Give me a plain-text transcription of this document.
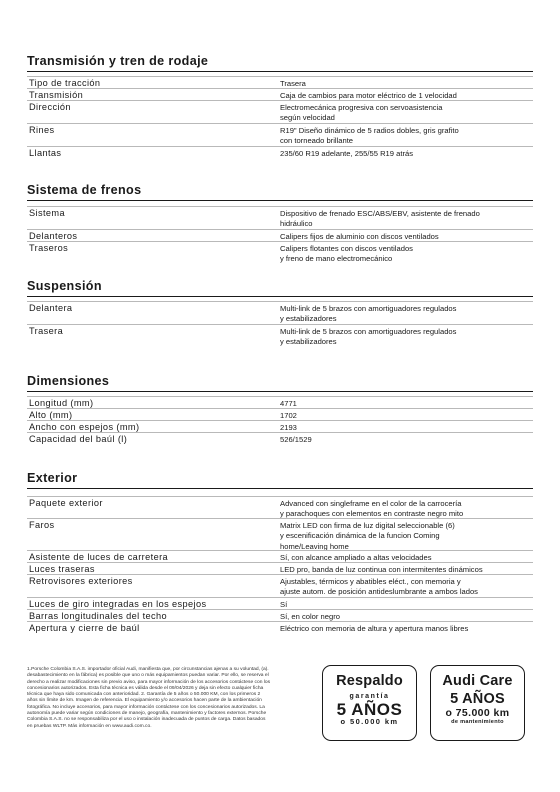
Transmisión y tren de rodaje
Tipo de tracción	Trasera
Transmisión	Caja de cambios para motor eléctrico de 1 velocidad
Dirección	Electromecánica progresiva con servoasistencia
según velocidad
Rines	R19" Diseño dinámico de 5 radios dobles, gris grafito
con torneado brillante
Llantas	235/60 R19 adelante, 255/55 R19 atrás
Sistema de frenos
Sistema	Dispositivo de frenado ESC/ABS/EBV, asistente de frenado
hidráulico
Delanteros	Calipers fijos de aluminio con discos ventilados
Traseros	Calipers flotantes con discos ventilados
y freno de mano electromecánico
Suspensión
Delantera	Multi-link de 5 brazos con amortiguadores regulados
y estabilizadores
Trasera	Multi-link de 5 brazos con amortiguadores regulados
y estabilizadores
Dimensiones
Longitud (mm)	4771
Alto (mm)	1702
Ancho con espejos (mm)	2193
Capacidad del baúl (l)	526/1529
Exterior
Paquete exterior	Advanced con singleframe en el color de la carrocería
y parachoques con elementos en contraste negro mito
Faros	Matrix LED con firma de luz digital seleccionable (6)
y escenificación dinámica de la funcion Coming
home/Leaving home
Asistente de luces de carretera	Sí, con alcance ampliado a altas velocidades
Luces traseras	LED pro, banda de luz continua con intermitentes dinámicos
Retrovisores exteriores	Ajustables, térmicos y abatibles eléct., con memoria y
ajuste autom. de posición antideslumbrante a ambos lados
Luces de giro integradas en los espejos	Sí
Barras longitudinales del techo	Sí, en color negro
Apertura y cierre de baúl	Eléctrico con memoria de altura y apertura manos libres
1.Porsche Colombia S.A.S. importador oficial Audi, manifiesta que, por circunstancias ajenas a su voluntad, (a). desabastecimiento en la fábrica) es posible que uno o más equipamientos puedan variar. Por ello, se reserva el derecho a realizar modificaciones sin previo aviso, para mayor información de los accesorios contáctese con los concesionarios autorizados. Esta ficha técnica es válida desde el 09/04/2026 y deja sin efecto cualquier ficha técnica que haya sido comunicada con anterioridad. 2. Garantía de 5 años o 50.000 KM, con los primeros 2 años sin límite de km. Imagen de referencia. El equipamiento y/o accesorios hacen parte de la ambientación fotográfica. No incluye accesorios, para mayor información contáctese con los concesionarios autorizados. La autonomía puede variar según condiciones de manejo, geografía, mantenimiento y factores externos. Porsche Colombia S.A.S. no se responsabiliza por el uso o instalación inadecuada de puntos de carga. Datos basados en pruebas WLTP. Más información en www.audi.com.co.
Respaldo
garantía
5 AÑOS
o 50.000 km
Audi Care
5 AÑOS
o 75.000 km
de mantenimiento
